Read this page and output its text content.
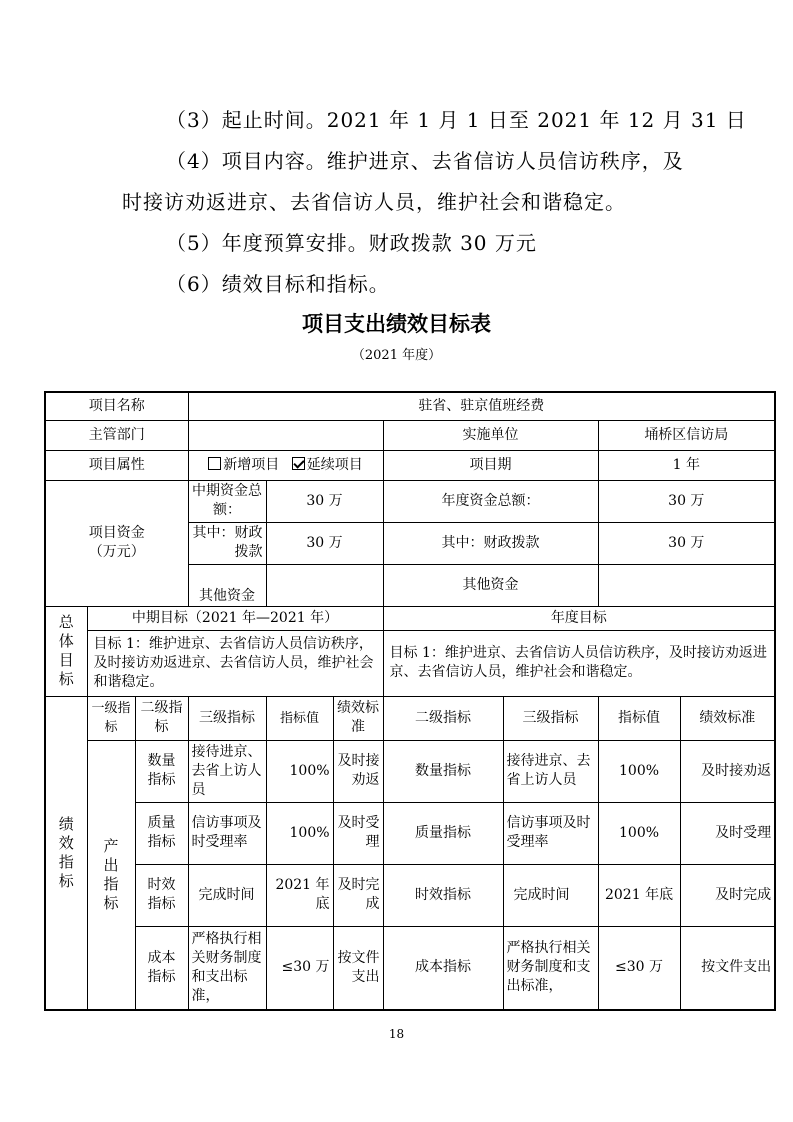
（3）起止时间。2021 年 1 月 1 日至 2021 年 12 月 31 日
（4）项目内容。维护进京、去省信访人员信访秩序，及
时接访劝返进京、去省信访人员，维护社会和谐稳定。
（5）年度预算安排。财政拨款 30 万元
（6）绩效目标和指标。
项目支出绩效目标表
（2021 年度）
项目名称			驻省、驻京值班经费						
主管部门						实施单位		埇桥区信访局	
项目属性			新增项目 延续项目			项目期		1 年	
项目资金（万元）			中期资金总额：	30 万		年度资金总额：		30 万	
			其中：财政拨款	30 万		其中：财政拨款		30 万	
			其他资金			其他资金			
总体目标	中期目标（2021 年—2021 年）					年度目标			
	目标 1：维护进京、去省信访人员信访秩序，及时接访劝返进京、去省信访人员，维护社会和谐稳定。					目标 1：维护进京、去省信访人员信访秩序，及时接访劝返进京、去省信访人员，维护社会和谐稳定。			
绩效指标	一级指标	二级指标	三级指标	指标值	绩效标准	二级指标	三级指标	指标值	绩效标准
	产出指标	数量指标	接待进京、去省上访人员	100%	及时接劝返	数量指标	接待进京、去省上访人员	100%	及时接劝返
		质量指标	信访事项及时受理率	100%	及时受理	质量指标	信访事项及时受理率	100%	及时受理
		时效指标	完成时间	2021 年底	及时完成	时效指标	完成时间	2021 年底	及时完成
		成本指标	严格执行相关财务制度和支出标准，	≤30 万	按文件支出	成本指标	严格执行相关财务制度和支出标准，	≤30 万	按文件支出
18
